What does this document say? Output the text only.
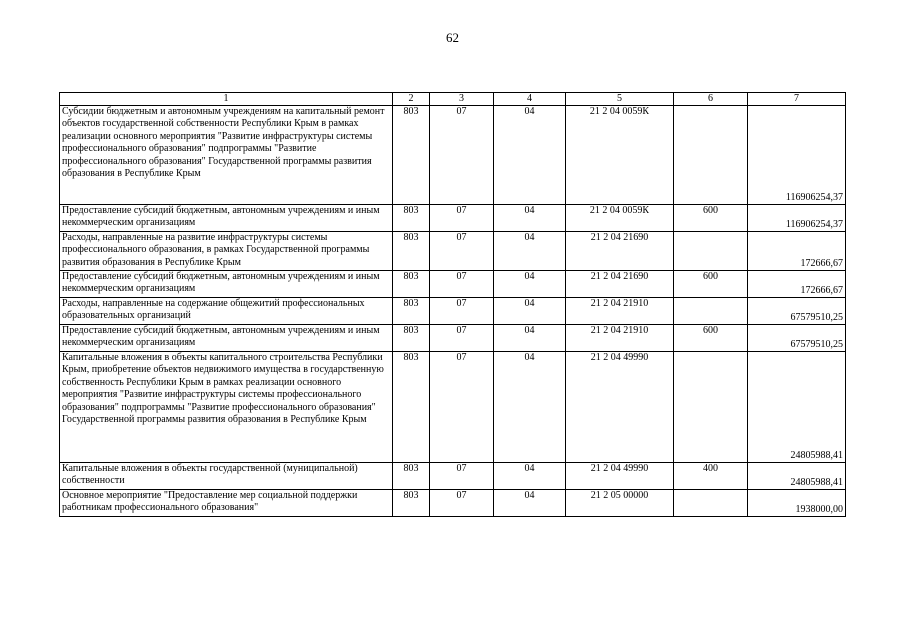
62
1	2	3	4	5	6	7
Субсидии бюджетным и автономным учреждениям на капитальный ремонт объектов государственной собственности Республики Крым в рамках реализации основного мероприятия "Развитие инфраструктуры системы профессионального образования" подпрограммы "Развитие профессионального образования" Государственной программы развития образования в Республике Крым	803	07	04	21 2 04 0059К		116906254,37
Предоставление субсидий бюджетным, автономным учреждениям и иным некоммерческим организациям	803	07	04	21 2 04 0059К	600	116906254,37
Расходы, направленные на развитие инфраструктуры системы профессионального образования, в рамках Государственной программы развития образования в Республике Крым	803	07	04	21 2 04 21690		172666,67
Предоставление субсидий бюджетным, автономным учреждениям и иным некоммерческим организациям	803	07	04	21 2 04 21690	600	172666,67
Расходы, направленные на содержание общежитий профессиональных образовательных организаций	803	07	04	21 2 04 21910		67579510,25
Предоставление субсидий бюджетным, автономным учреждениям и иным некоммерческим организациям	803	07	04	21 2 04 21910	600	67579510,25
Капитальные вложения в объекты капитального строительства Республики Крым, приобретение объектов недвижимого имущества в государственную собственность Республики Крым в рамках реализации основного мероприятия "Развитие инфраструктуры системы профессионального образования" подпрограммы "Развитие профессионального образования" Государственной программы развития образования в Республике Крым	803	07	04	21 2 04 49990		24805988,41
Капитальные вложения в объекты государственной (муниципальной) собственности	803	07	04	21 2 04 49990	400	24805988,41
Основное мероприятие "Предоставление мер социальной поддержки работникам профессионального образования"	803	07	04	21 2 05 00000		1938000,00
